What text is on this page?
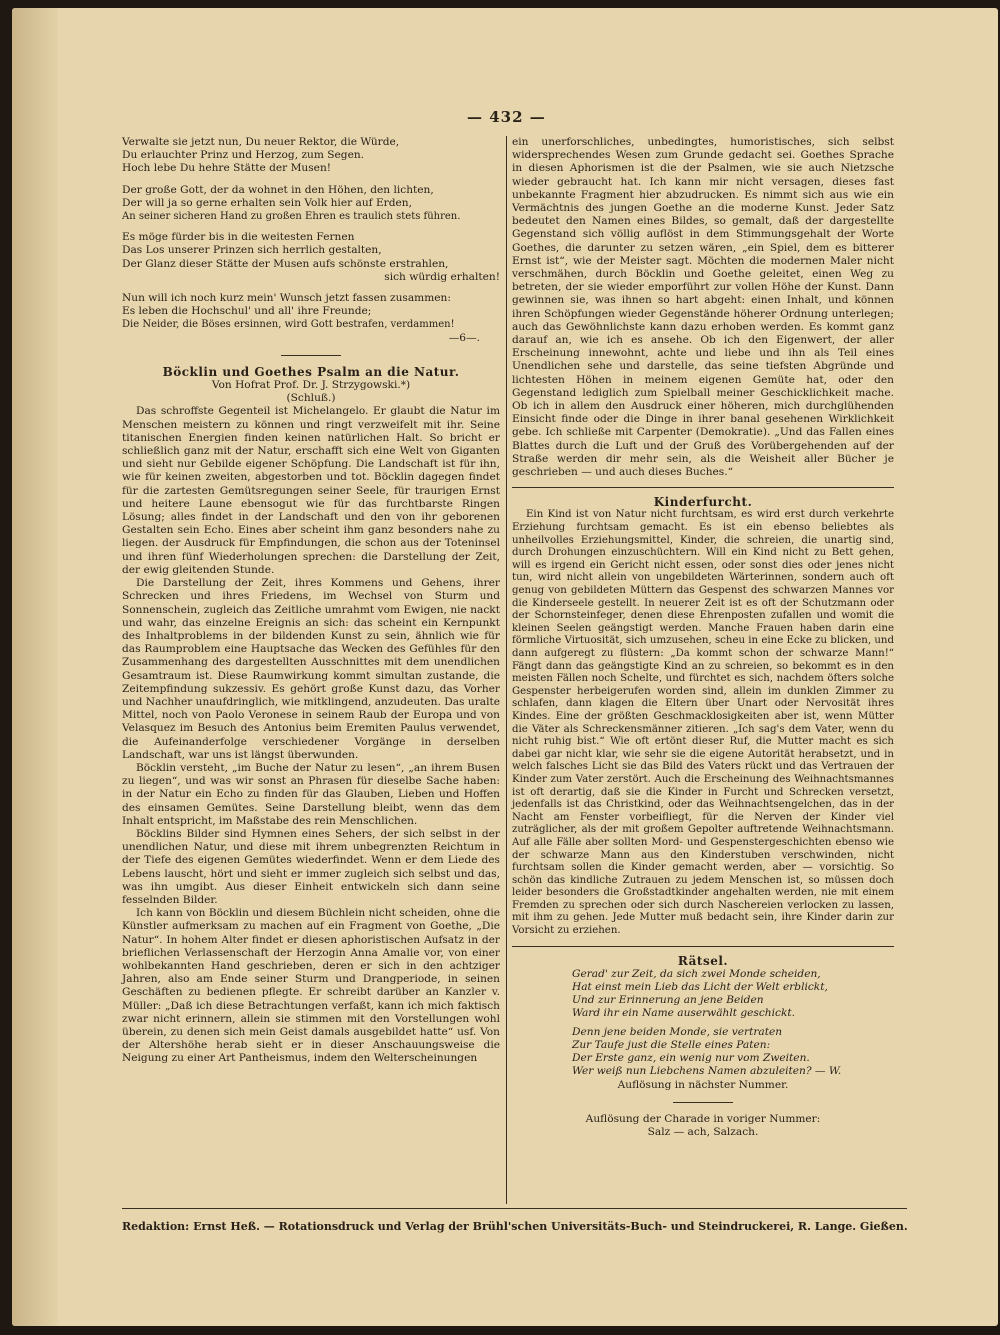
— 432 —
Verwalte sie jetzt nun, Du neuer Rektor, die Würde,
Du erlauchter Prinz und Herzog, zum Segen.
Hoch lebe Du hehre Stätte der Musen!
Der große Gott, der da wohnet in den Höhen, den lichten,
Der will ja so gerne erhalten sein Volk hier auf Erden,
An seiner sicheren Hand zu großen Ehren es traulich stets führen.
Es möge fürder bis in die weitesten Fernen
Das Los unserer Prinzen sich herrlich gestalten,
Der Glanz dieser Stätte der Musen aufs schönste erstrahlen,
sich würdig erhalten!
Nun will ich noch kurz mein' Wunsch jetzt fassen zusammen:
Es leben die Hochschul' und all' ihre Freunde;
Die Neider, die Böses ersinnen, wird Gott bestrafen, verdammen!
—6—.
Böcklin und Goethes Psalm an die Natur.
Von Hofrat Prof. Dr. J. Strzygowski.*)
(Schluß.)

Das schroffste Gegenteil ist Michelangelo. Er glaubt die Natur im Menschen meistern zu können und ringt verzweifelt mit ihr. Seine titanischen Energien finden keinen natürlichen Halt. So bricht er schließlich ganz mit der Natur, erschafft sich eine Welt von Giganten und sieht nur Gebilde eigener Schöpfung. Die Landschaft ist für ihn, wie für keinen zweiten, abgestorben und tot. Böcklin dagegen findet für die zartesten Gemütsregungen seiner Seele, für traurigen Ernst und heitere Laune ebensogut wie für das furchtbarste Ringen Lösung; alles findet in der Landschaft und den von ihr geborenen Gestalten sein Echo. Eines aber scheint ihm ganz besonders nahe zu liegen. der Ausdruck für Empfindungen, die schon aus der Toteninsel und ihren fünf Wiederholungen sprechen: die Darstellung der Zeit, der ewig gleitenden Stunde.

Die Darstellung der Zeit, ihres Kommens und Gehens, ihrer Schrecken und ihres Friedens, im Wechsel von Sturm und Sonnenschein, zugleich das Zeitliche umrahmt vom Ewigen, nie nackt und wahr, das einzelne Ereignis an sich: das scheint ein Kernpunkt des Inhaltproblems in der bildenden Kunst zu sein, ähnlich wie für das Raumproblem eine Hauptsache das Wecken des Gefühles für den Zusammenhang des dargestellten Ausschnittes mit dem unendlichen Gesamtraum ist. Diese Raumwirkung kommt simultan zustande, die Zeitempfindung sukzessiv. Es gehört große Kunst dazu, das Vorher und Nachher unaufdringlich, wie mitklingend, anzudeuten. Das uralte Mittel, noch von Paolo Veronese in seinem Raub der Europa und von Velasquez im Besuch des Antonius beim Eremiten Paulus verwendet, die Aufeinanderfolge verschiedener Vorgänge in derselben Landschaft, war uns ist längst überwunden.

Böcklin versteht, „im Buche der Natur zu lesen“, „an ihrem Busen zu liegen“, und was wir sonst an Phrasen für dieselbe Sache haben: in der Natur ein Echo zu finden für das Glauben, Lieben und Hoffen des einsamen Gemütes. Seine Darstellung bleibt, wenn das dem Inhalt entspricht, im Maßstabe des rein Menschlichen.

Böcklins Bilder sind Hymnen eines Sehers, der sich selbst in der unendlichen Natur, und diese mit ihrem unbegrenzten Reichtum in der Tiefe des eigenen Gemütes wiederfindet. Wenn er dem Liede des Lebens lauscht, hört und sieht er immer zugleich sich selbst und das, was ihn umgibt. Aus dieser Einheit entwickeln sich dann seine fesselnden Bilder.

Ich kann von Böcklin und diesem Büchlein nicht scheiden, ohne die Künstler aufmerksam zu machen auf ein Fragment von Goethe, „Die Natur“. In hohem Alter findet er diesen aphoristischen Aufsatz in der brieflichen Verlassenschaft der Herzogin Anna Amalie vor, von einer wohlbekannten Hand geschrieben, deren er sich in den achtziger Jahren, also am Ende seiner Sturm und Drangperiode, in seinen Geschäften zu bedienen pflegte. Er schreibt darüber an Kanzler v. Müller: „Daß ich diese Betrachtungen verfaßt, kann ich mich faktisch zwar nicht erinnern, allein sie stimmen mit den Vorstellungen wohl überein, zu denen sich mein Geist damals ausgebildet hatte“ usf. Von der Altershöhe herab sieht er in dieser Anschauungsweise die Neigung zu einer Art Pantheismus, indem den Welterscheinungen

ein unerforschliches, unbedingtes, humoristisches, sich selbst widersprechendes Wesen zum Grunde gedacht sei. Goethes Sprache in diesen Aphorismen ist die der Psalmen, wie sie auch Nietzsche wieder gebraucht hat. Ich kann mir nicht versagen, dieses fast unbekannte Fragment hier abzudrucken. Es nimmt sich aus wie ein Vermächtnis des jungen Goethe an die moderne Kunst. Jeder Satz bedeutet den Namen eines Bildes, so gemalt, daß der dargestellte Gegenstand sich völlig auflöst in dem Stimmungsgehalt der Worte Goethes, die darunter zu setzen wären, „ein Spiel, dem es bitterer Ernst ist“, wie der Meister sagt. Möchten die modernen Maler nicht verschmähen, durch Böcklin und Goethe geleitet, einen Weg zu betreten, der sie wieder emporführt zur vollen Höhe der Kunst. Dann gewinnen sie, was ihnen so hart abgeht: einen Inhalt, und können ihren Schöpfungen wieder Gegenstände höherer Ordnung unterlegen; auch das Gewöhnlichste kann dazu erhoben werden. Es kommt ganz darauf an, wie ich es ansehe. Ob ich den Eigenwert, der aller Erscheinung innewohnt, achte und liebe und ihn als Teil eines Unendlichen sehe und darstelle, das seine tiefsten Abgründe und lichtesten Höhen in meinem eigenen Gemüte hat, oder den Gegenstand lediglich zum Spielball meiner Geschicklichkeit mache. Ob ich in allem den Ausdruck einer höheren, mich durchglühenden Einsicht finde oder die Dinge in ihrer banal gesehenen Wirklichkeit gebe. Ich schließe mit Carpenter (Demokratie). „Und das Fallen eines Blattes durch die Luft und der Gruß des Vorübergehenden auf der Straße werden dir mehr sein, als die Weisheit aller Bücher je geschrieben — und auch dieses Buches.“

Kinderfurcht.

Ein Kind ist von Natur nicht furchtsam, es wird erst durch verkehrte Erziehung furchtsam gemacht. Es ist ein ebenso beliebtes als unheilvolles Erziehungsmittel, Kinder, die schreien, die unartig sind, durch Drohungen einzuschüchtern. Will ein Kind nicht zu Bett gehen, will es irgend ein Gericht nicht essen, oder sonst dies oder jenes nicht tun, wird nicht allein von ungebildeten Wärterinnen, sondern auch oft genug von gebildeten Müttern das Gespenst des schwarzen Mannes vor die Kinderseele gestellt. In neuerer Zeit ist es oft der Schutzmann oder der Schornsteinfeger, denen diese Ehrenposten zufallen und womit die kleinen Seelen geängstigt werden. Manche Frauen haben darin eine förmliche Virtuosität, sich umzusehen, scheu in eine Ecke zu blicken, und dann aufgeregt zu flüstern: „Da kommt schon der schwarze Mann!“ Fängt dann das geängstigte Kind an zu schreien, so bekommt es in den meisten Fällen noch Schelte, und fürchtet es sich, nachdem öfters solche Gespenster herbeigerufen worden sind, allein im dunklen Zimmer zu schlafen, dann klagen die Eltern über Unart oder Nervosität ihres Kindes. Eine der größten Geschmacklosigkeiten aber ist, wenn Mütter die Väter als Schreckensmänner zitieren. „Ich sag's dem Vater, wenn du nicht ruhig bist.“ Wie oft ertönt dieser Ruf, die Mutter macht es sich dabei gar nicht klar, wie sehr sie die eigene Autorität herabsetzt, und in welch falsches Licht sie das Bild des Vaters rückt und das Vertrauen der Kinder zum Vater zerstört. Auch die Erscheinung des Weihnachtsmannes ist oft derartig, daß sie die Kinder in Furcht und Schrecken versetzt, jedenfalls ist das Christkind, oder das Weihnachtsengelchen, das in der Nacht am Fenster vorbeifliegt, für die Nerven der Kinder viel zuträglicher, als der mit großem Gepolter auftretende Weihnachtsmann. Auf alle Fälle aber sollten Mord- und Gespenstergeschichten ebenso wie der schwarze Mann aus den Kinderstuben verschwinden, nicht furchtsam sollen die Kinder gemacht werden, aber — vorsichtig. So schön das kindliche Zutrauen zu jedem Menschen ist, so müssen doch leider besonders die Großstadtkinder angehalten werden, nie mit einem Fremden zu sprechen oder sich durch Naschereien verlocken zu lassen, mit ihm zu gehen. Jede Mutter muß bedacht sein, ihre Kinder darin zur Vorsicht zu erziehen.

Rätsel.
Gerad' zur Zeit, da sich zwei Monde scheiden,
Hat einst mein Lieb das Licht der Welt erblickt,
Und zur Erinnerung an jene Beiden
Ward ihr ein Name auserwählt geschickt.
Denn jene beiden Monde, sie vertraten
Zur Taufe just die Stelle eines Paten:
Der Erste ganz, ein wenig nur vom Zweiten.
Wer weiß nun Liebchens Namen abzuleiten? — W.
Auflösung in nächster Nummer.
Auflösung der Charade in voriger Nummer:
Salz — ach, Salzach.
Redaktion: Ernst Heß. — Rotationsdruck und Verlag der Brühl'schen Universitäts-Buch- und Steindruckerei, R. Lange. Gießen.
